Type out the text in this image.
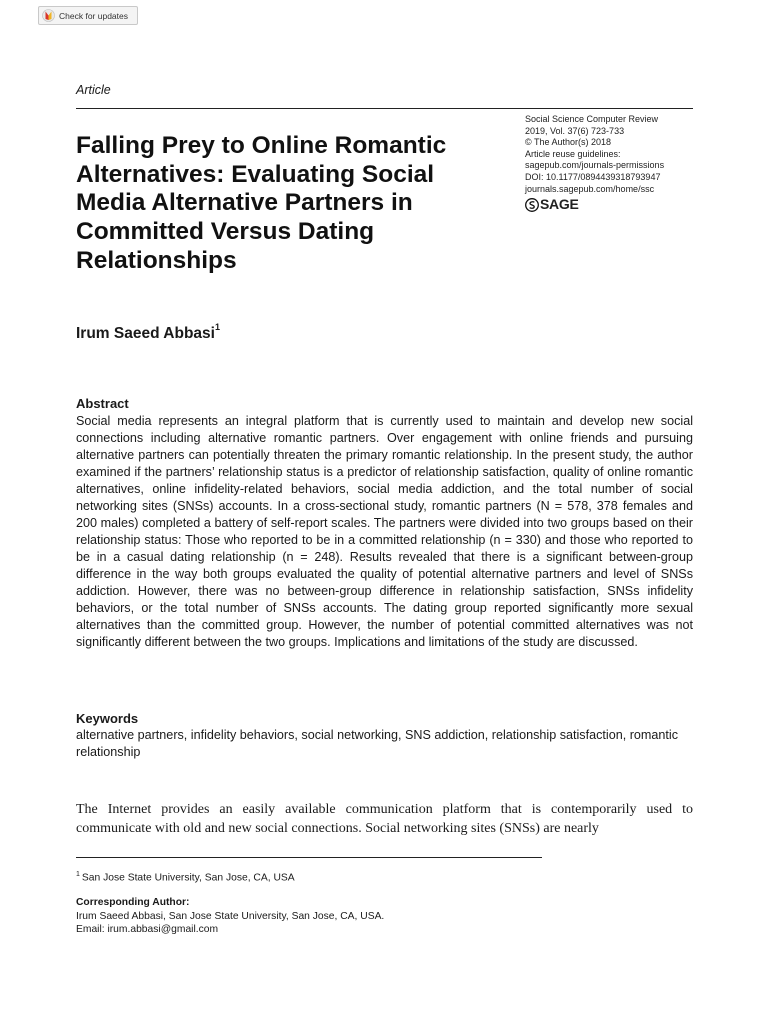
Check for updates
Article
Falling Prey to Online Romantic Alternatives: Evaluating Social Media Alternative Partners in Committed Versus Dating Relationships
Social Science Computer Review
2019, Vol. 37(6) 723-733
© The Author(s) 2018
Article reuse guidelines:
sagepub.com/journals-permissions
DOI: 10.1177/0894439318793947
journals.sagepub.com/home/ssc
SAGE
Irum Saeed Abbasi$^1$
Abstract

Social media represents an integral platform that is currently used to maintain and develop new social connections including alternative romantic partners. Over engagement with online friends and pursuing alternative partners can potentially threaten the primary romantic relationship. In the present study, the author examined if the partners’ relationship status is a predictor of relationship satisfaction, quality of online romantic alternatives, online infidelity-related behaviors, social media addiction, and the total number of social networking sites (SNSs) accounts. In a cross-sectional study, romantic partners (N = 578, 378 females and 200 males) completed a battery of self-report scales. The partners were divided into two groups based on their relationship status: Those who reported to be in a committed relationship (n = 330) and those who reported to be in a casual dating relationship (n = 248). Results revealed that there is a significant between-group difference in the way both groups evaluated the quality of potential alternative partners and level of SNSs addiction. However, there was no between-group difference in relationship satisfaction, SNSs infidelity behaviors, or the total number of SNSs accounts. The dating group reported significantly more sexual alternatives than the committed group. However, the number of potential committed alternatives was not significantly different between the two groups. Implications and limitations of the study are discussed.

Keywords

alternative partners, infidelity behaviors, social networking, SNS addiction, relationship satisfaction, romantic relationship

The Internet provides an easily available communication platform that is contemporarily used to communicate with old and new social connections. Social networking sites (SNSs) are nearly

$^1$ San Jose State University, San Jose, CA, USA
Corresponding Author:
Irum Saeed Abbasi, San Jose State University, San Jose, CA, USA.
Email: irum.abbasi@gmail.com
